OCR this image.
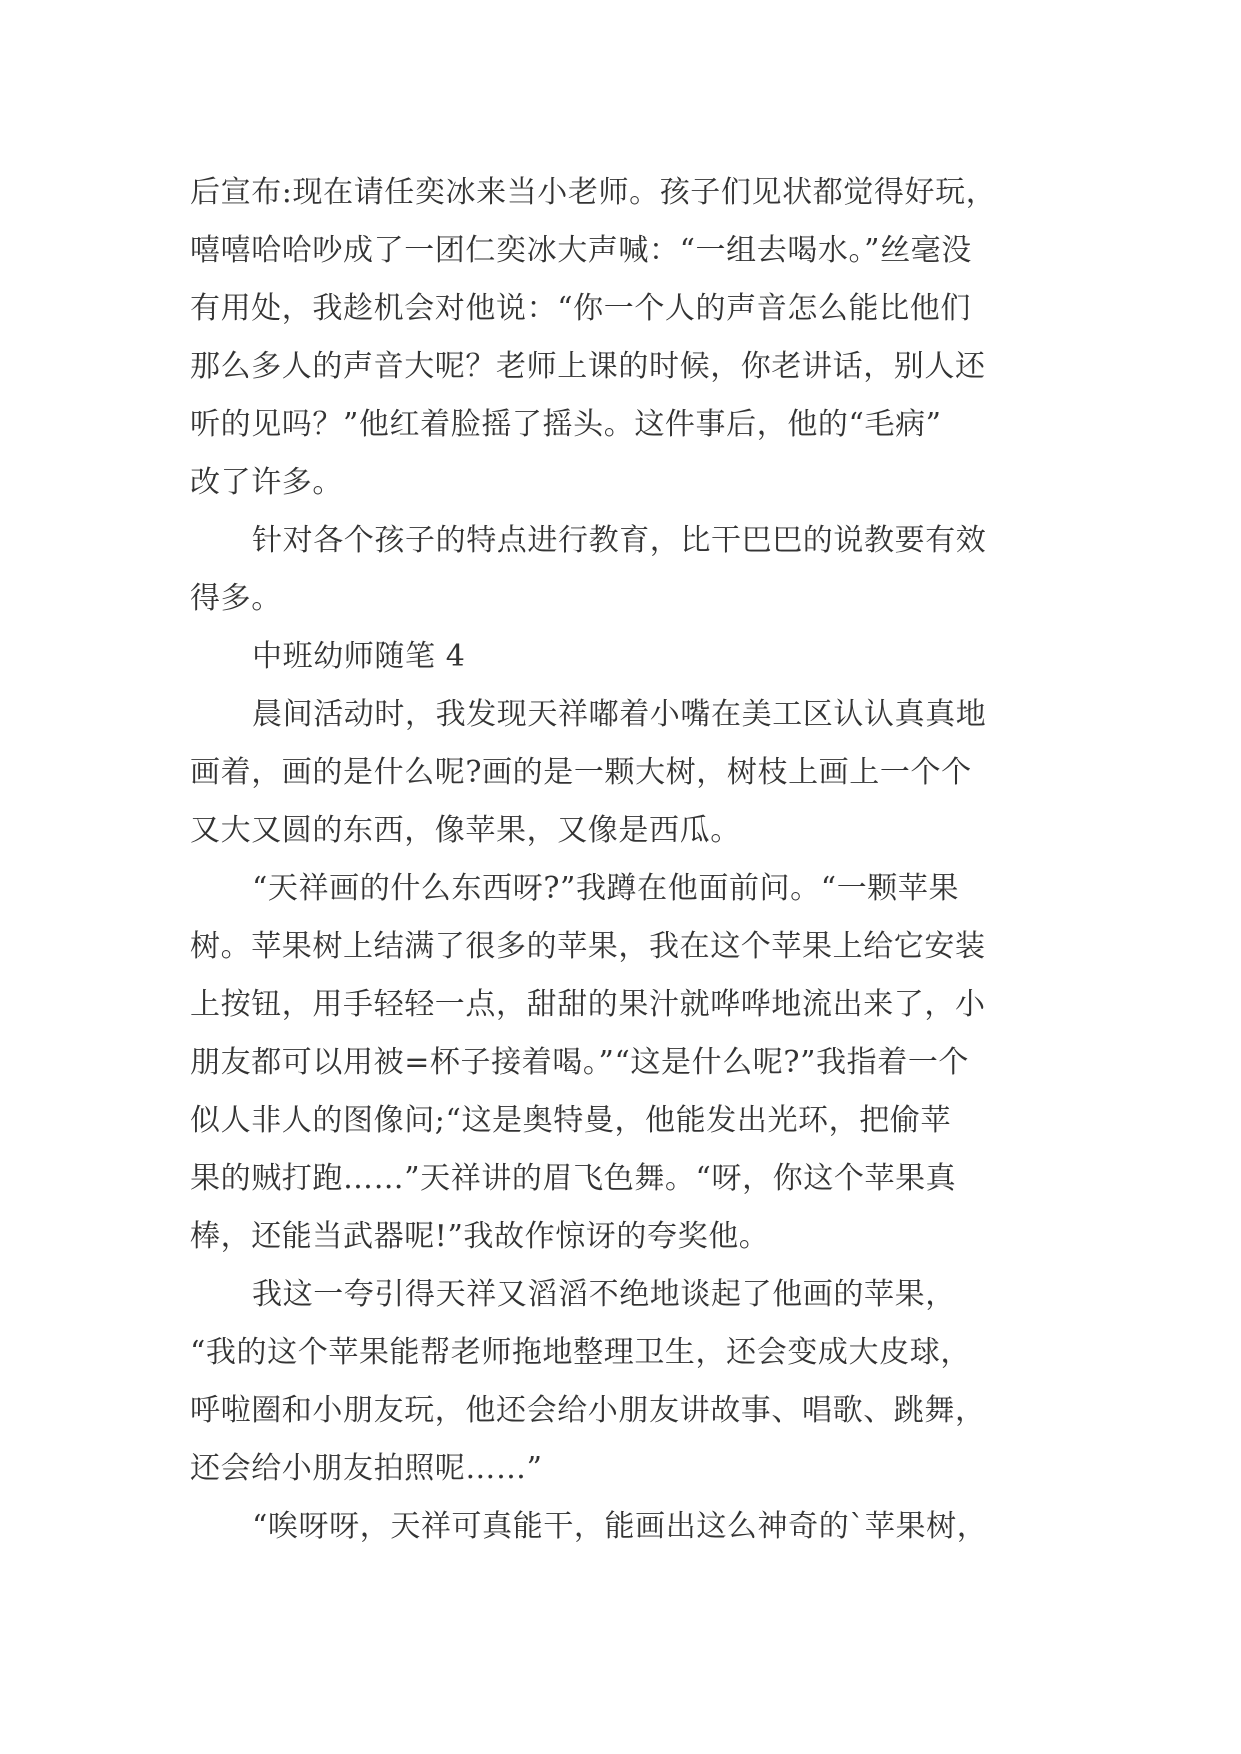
后宣布:现在请任奕冰来当小老师。孩子们见状都觉得好玩，
嘻嘻哈哈吵成了一团仁奕冰大声喊：“一组去喝水。”丝毫没
有用处，我趁机会对他说：“你一个人的声音怎么能比他们
那么多人的声音大呢？老师上课的时候，你老讲话，别人还
听的见吗？”他红着脸摇了摇头。这件事后，他的“毛病”
改了许多。
针对各个孩子的特点进行教育，比干巴巴的说教要有效
得多。
中班幼师随笔 4
晨间活动时，我发现天祥嘟着小嘴在美工区认认真真地
画着，画的是什么呢?画的是一颗大树，树枝上画上一个个
又大又圆的东西，像苹果，又像是西瓜。
“天祥画的什么东西呀?”我蹲在他面前问。“一颗苹果
树。苹果树上结满了很多的苹果，我在这个苹果上给它安装
上按钮，用手轻轻一点，甜甜的果汁就哗哗地流出来了，小
朋友都可以用被=杯子接着喝。”“这是什么呢?”我指着一个
似人非人的图像问;“这是奥特曼，他能发出光环，把偷苹
果的贼打跑……”天祥讲的眉飞色舞。“呀，你这个苹果真
棒，还能当武器呢!”我故作惊讶的夸奖他。
我这一夸引得天祥又滔滔不绝地谈起了他画的苹果，
“我的这个苹果能帮老师拖地整理卫生，还会变成大皮球，
呼啦圈和小朋友玩，他还会给小朋友讲故事、唱歌、跳舞，
还会给小朋友拍照呢……”
“唉呀呀，天祥可真能干，能画出这么神奇的`苹果树，
